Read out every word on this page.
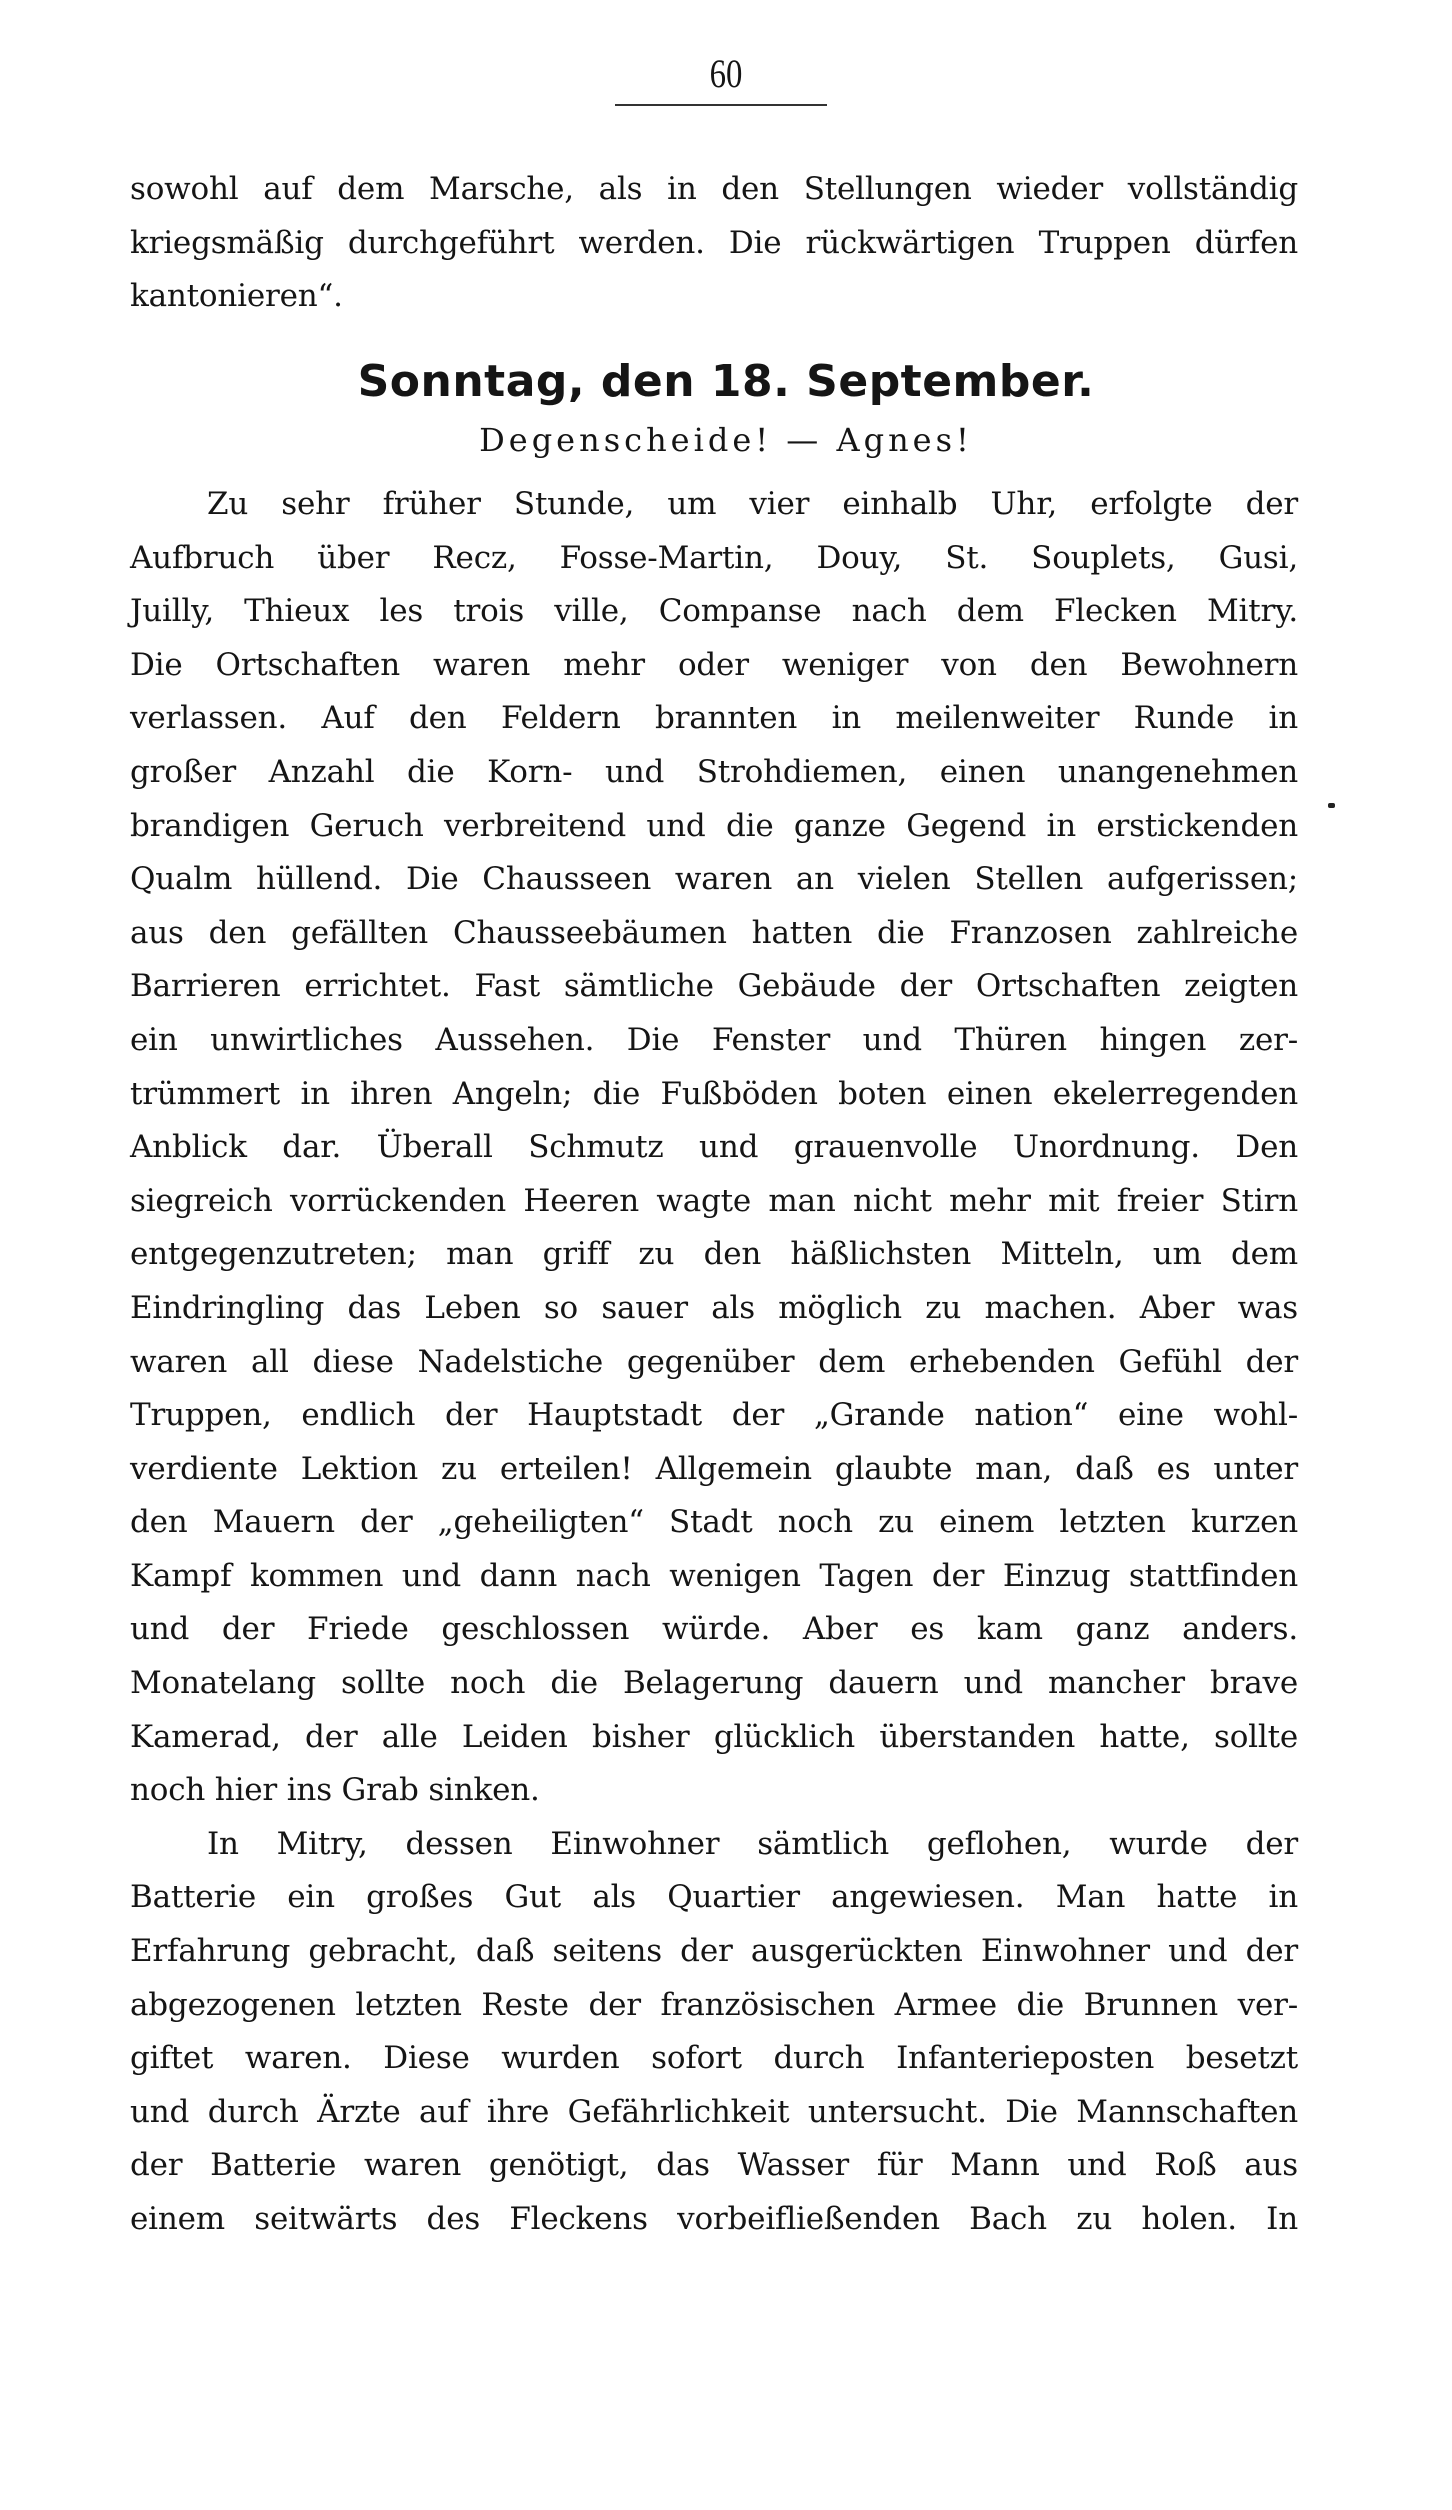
60
sowohl auf dem Marsche, als in den Stellungen wieder vollständig
kriegsmäßig durchgeführt werden. Die rückwärtigen Truppen dürfen
kantonieren“.
Sonntag, den 18. September.
Degenscheide! — Agnes!
Zu sehr früher Stunde, um vier einhalb Uhr, erfolgte der
Aufbruch über Recz, Fosse-Martin, Douy, St. Souplets, Gusi,
Juilly, Thieux les trois ville, Companse nach dem Flecken Mitry.
Die Ortschaften waren mehr oder weniger von den Bewohnern
verlassen. Auf den Feldern brannten in meilenweiter Runde in
großer Anzahl die Korn- und Strohdiemen, einen unangenehmen
brandigen Geruch verbreitend und die ganze Gegend in erstickenden
Qualm hüllend. Die Chausseen waren an vielen Stellen aufgerissen;
aus den gefällten Chausseebäumen hatten die Franzosen zahlreiche
Barrieren errichtet. Fast sämtliche Gebäude der Ortschaften zeigten
ein unwirtliches Aussehen. Die Fenster und Thüren hingen zer-
trümmert in ihren Angeln; die Fußböden boten einen ekelerregenden
Anblick dar. Überall Schmutz und grauenvolle Unordnung. Den
siegreich vorrückenden Heeren wagte man nicht mehr mit freier Stirn
entgegenzutreten; man griff zu den häßlichsten Mitteln, um dem
Eindringling das Leben so sauer als möglich zu machen. Aber was
waren all diese Nadelstiche gegenüber dem erhebenden Gefühl der
Truppen, endlich der Hauptstadt der „Grande nation“ eine wohl-
verdiente Lektion zu erteilen! Allgemein glaubte man, daß es unter
den Mauern der „geheiligten“ Stadt noch zu einem letzten kurzen
Kampf kommen und dann nach wenigen Tagen der Einzug stattfinden
und der Friede geschlossen würde. Aber es kam ganz anders.
Monatelang sollte noch die Belagerung dauern und mancher brave
Kamerad, der alle Leiden bisher glücklich überstanden hatte, sollte
noch hier ins Grab sinken.
In Mitry, dessen Einwohner sämtlich geflohen, wurde der
Batterie ein großes Gut als Quartier angewiesen. Man hatte in
Erfahrung gebracht, daß seitens der ausgerückten Einwohner und der
abgezogenen letzten Reste der französischen Armee die Brunnen ver-
giftet waren. Diese wurden sofort durch Infanterieposten besetzt
und durch Ärzte auf ihre Gefährlichkeit untersucht. Die Mannschaften
der Batterie waren genötigt, das Wasser für Mann und Roß aus
einem seitwärts des Fleckens vorbeifließenden Bach zu holen. In
